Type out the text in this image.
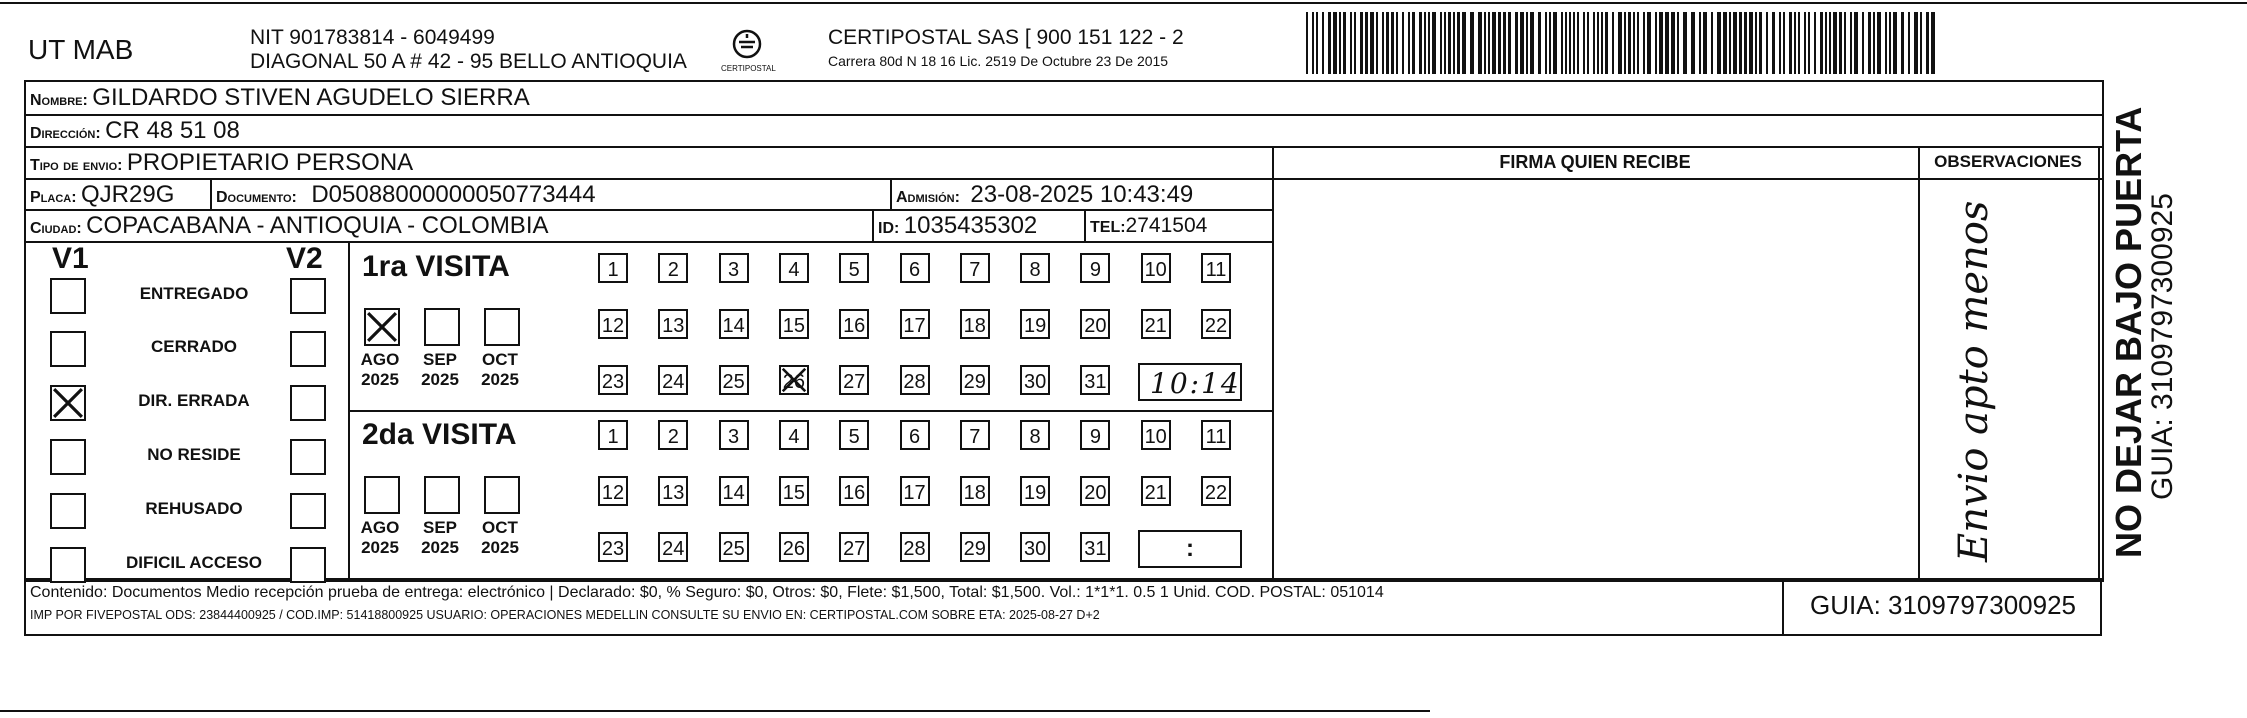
UT MAB	NIT 901783814 - 6049499
DIAGONAL 50 A # 42 - 95 BELLO ANTIOQUIA	CERTIPOSTAL
CERTIPOSTAL SAS [ 900 151 122 - 2
Carrera 80d N 18 16 Lic. 2519 De Octubre 23 De 2015
Nombre: GILDARDO STIVEN AGUDELO SIERRA
Dirección: CR 48 51 08
Tipo de envio: PROPIETARIO PERSONA	FIRMA QUIEN RECIBE	OBSERVACIONES
Placa: QJR29G	Documento: D05088000000050773444	Admisión: 23-08-2025 10:43:49
Ciudad: COPACABANA - ANTIOQUIA - COLOMBIA	ID: 1035435302	TEL:2741504
V1	V2
ENTREGADO
CERRADO
DIR. ERRADA
NO RESIDE
REHUSADO
DIFICIL ACCESO
1ra VISITA
2da VISITA
AGO
2025
SEP
2025
OCT
2025
AGO
2025
SEP
2025
OCT
2025
1	2	3	4	5	6	7	8	9	10 11
12 13 14 15 16 17 18 19 20 21 22
23 24 25 26 27 28 29 30 31
1	2	3	4	5	6	7	8	9	10 11
12 13 14 15 16 17 18 19 20 21 22
23 24 25 26 27 28 29 30 31
10:14
:	Envio apto menos
Contenido: Documentos Medio recepción prueba de entrega: electrónico | Declarado: $0, % Seguro: $0, Otros: $0, Flete: $1,500, Total: $1,500. Vol.: 1*1*1. 0.5 1 Unid. COD. POSTAL: 051014
IMP POR FIVEPOSTAL ODS: 23844400925 / COD.IMP: 51418800925 USUARIO: OPERACIONES MEDELLIN CONSULTE SU ENVIO EN: CERTIPOSTAL.COM SOBRE ETA: 2025-08-27 D+2	GUIA: 3109797300925
NO DEJAR BAJO PUERTA
GUIA: 3109797300925
